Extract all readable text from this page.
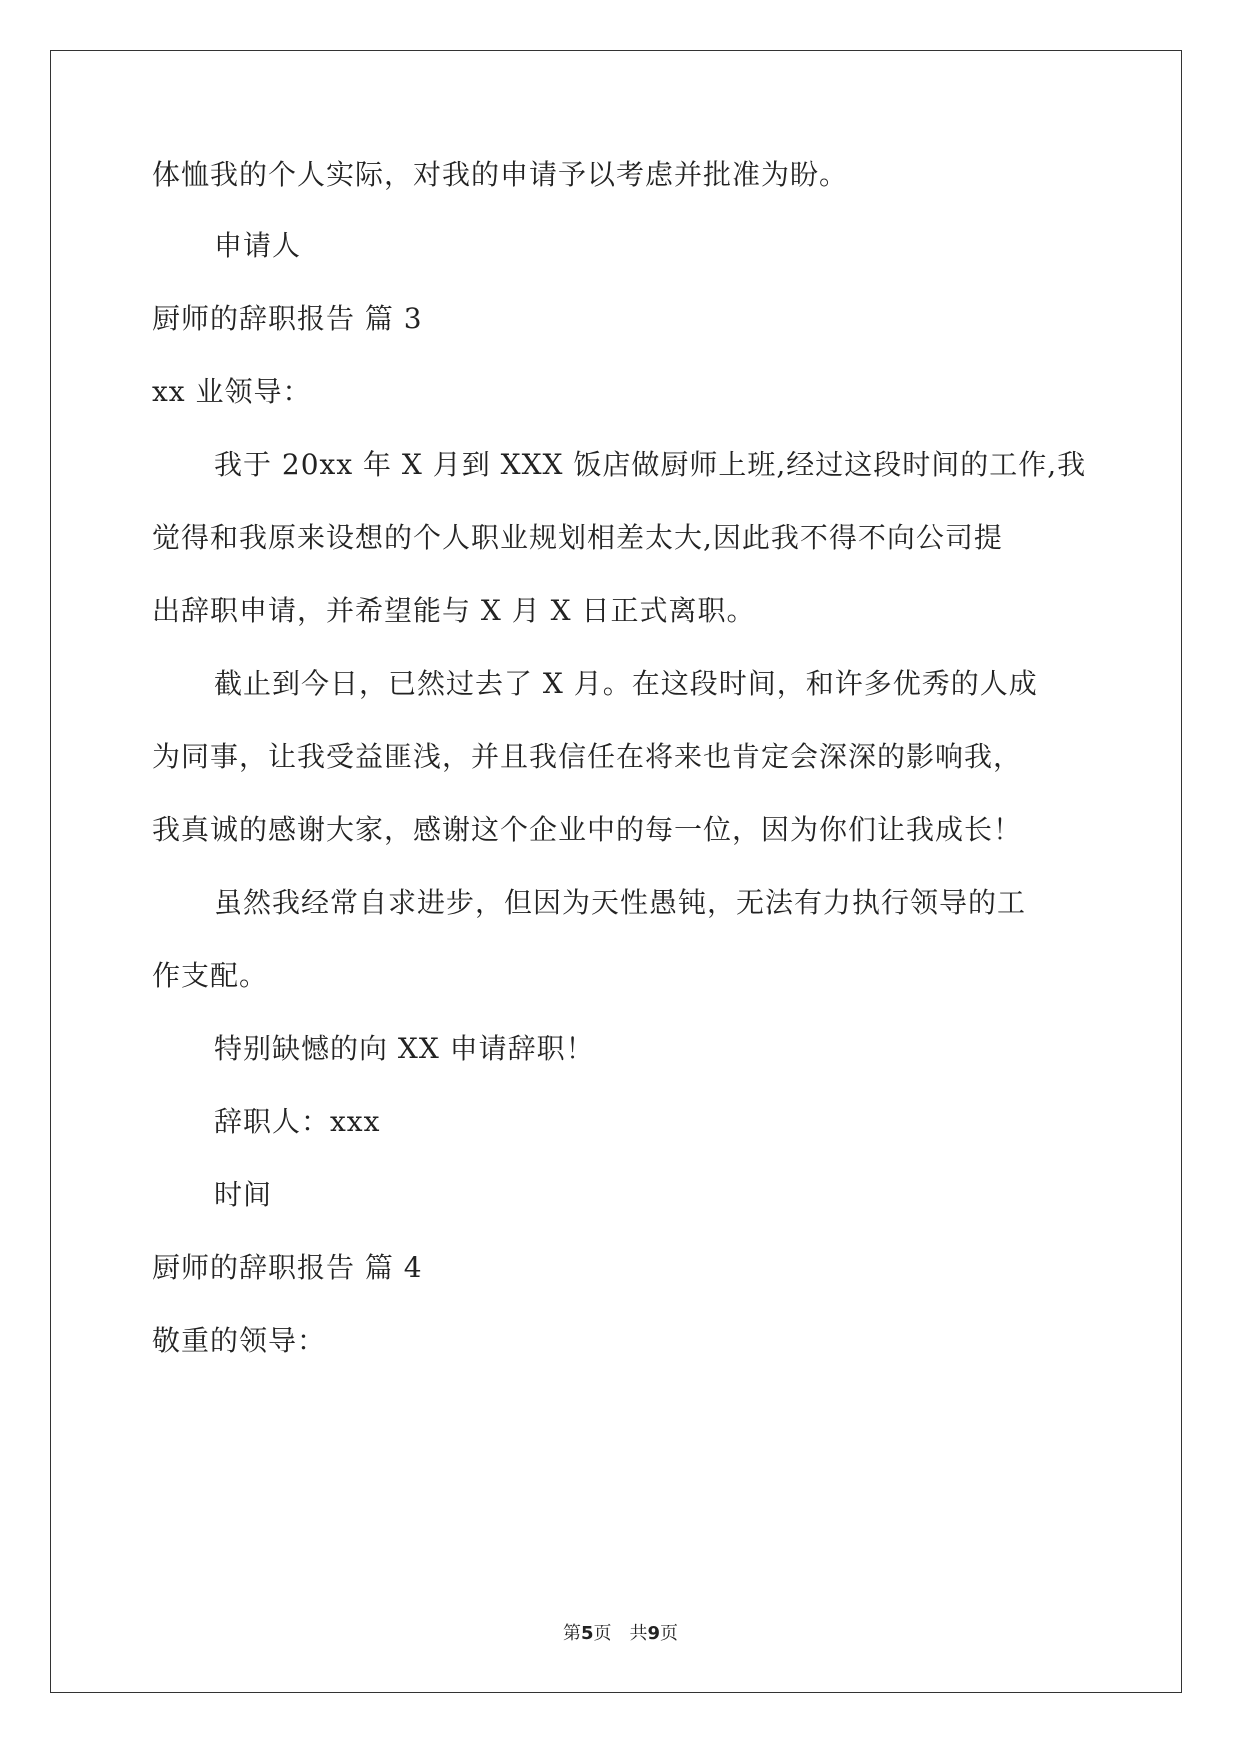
体恤我的个人实际，对我的申请予以考虑并批准为盼。
申请人
厨师的辞职报告 篇 3
xx 业领导：
我于 20xx 年 X 月到 XXX 饭店做厨师上班,经过这段时间的工作,我
觉得和我原来设想的个人职业规划相差太大,因此我不得不向公司提
出辞职申请，并希望能与 X 月 X 日正式离职。
截止到今日，已然过去了 X 月。在这段时间，和许多优秀的人成
为同事，让我受益匪浅，并且我信任在将来也肯定会深深的影响我，
我真诚的感谢大家，感谢这个企业中的每一位，因为你们让我成长！
虽然我经常自求进步，但因为天性愚钝，无法有力执行领导的工
作支配。
特别缺憾的向 XX 申请辞职！
辞职人：xxx
时间
厨师的辞职报告 篇 4
敬重的领导：
第5页 共9页
